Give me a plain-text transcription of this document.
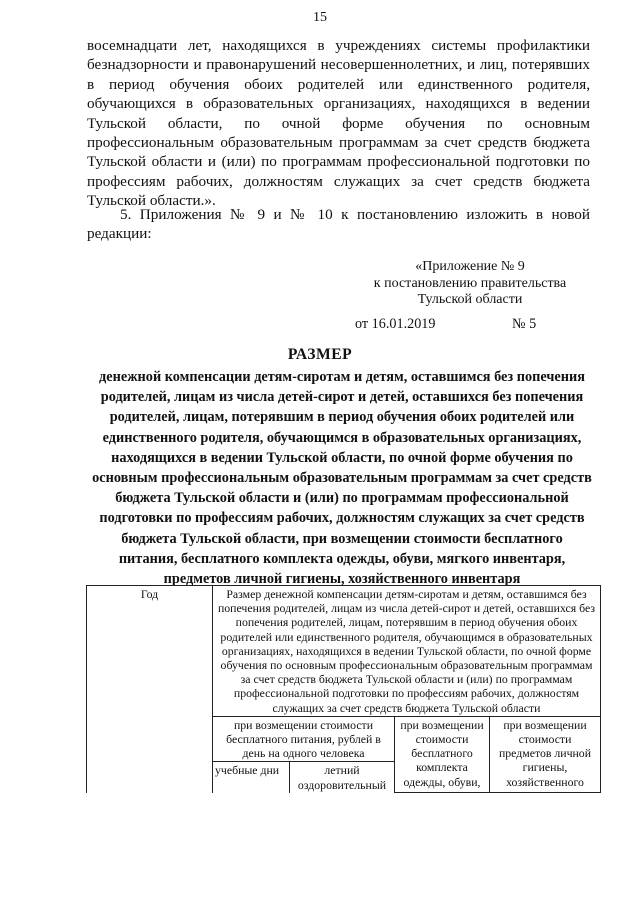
15

восемнадцати лет, находящихся в учреждениях системы профилактики безнадзорности и правонарушений несовершеннолетних, и лиц, потерявших в период обучения обоих родителей или единственного родителя, обучающихся в образовательных организациях, находящихся в ведении Тульской области, по очной форме обучения по основным профессиональным образовательным программам за счет средств бюджета Тульской области и (или) по программам профессиональной подготовки по профессиям рабочих, должностям служащих за счет средств бюджета Тульской области.».

5. Приложения № 9 и № 10 к постановлению изложить в новой редакции:

«Приложение № 9
к постановлению правительства
Тульской области
от 16.01.2019	№ 5
РАЗМЕР

денежной компенсации детям-сиротам и детям, оставшимся без попечения родителей, лицам из числа детей-сирот и детей, оставшихся без попечения родителей, лицам, потерявшим в период обучения обоих родителей или единственного родителя, обучающимся в образовательных организациях, находящихся в ведении Тульской области, по очной форме обучения по основным профессиональным образовательным программам за счет средств бюджета Тульской области и (или) по программам профессиональной подготовки по профессиям рабочих, должностям служащих за счет средств бюджета Тульской области, при возмещении стоимости бесплатного питания, бесплатного комплекта одежды, обуви, мягкого инвентаря, предметов личной гигиены, хозяйственного инвентаря

Год	Размер денежной компенсации детям-сиротам и детям, оставшимся без попечения родителей, лицам из числа детей-сирот и детей, оставшихся без попечения родителей, лицам, потерявшим в период обучения обоих родителей или единственного родителя, обучающимся в образовательных организациях, находящихся в ведении Тульской области, по очной форме обучения по основным профессиональным образовательным программам за счет средств бюджета Тульской области и (или) по программам профессиональной подготовки по профессиям рабочих, должностям служащих за счет средств бюджета Тульской области			
	при возмещении стоимости бесплатного питания, рублей в день на одного человека		при возмещении стоимости бесплатного комплекта одежды, обуви,	при возмещении стоимости предметов личной гигиены, хозяйственного
	учебные дни	летний оздоровительный		
